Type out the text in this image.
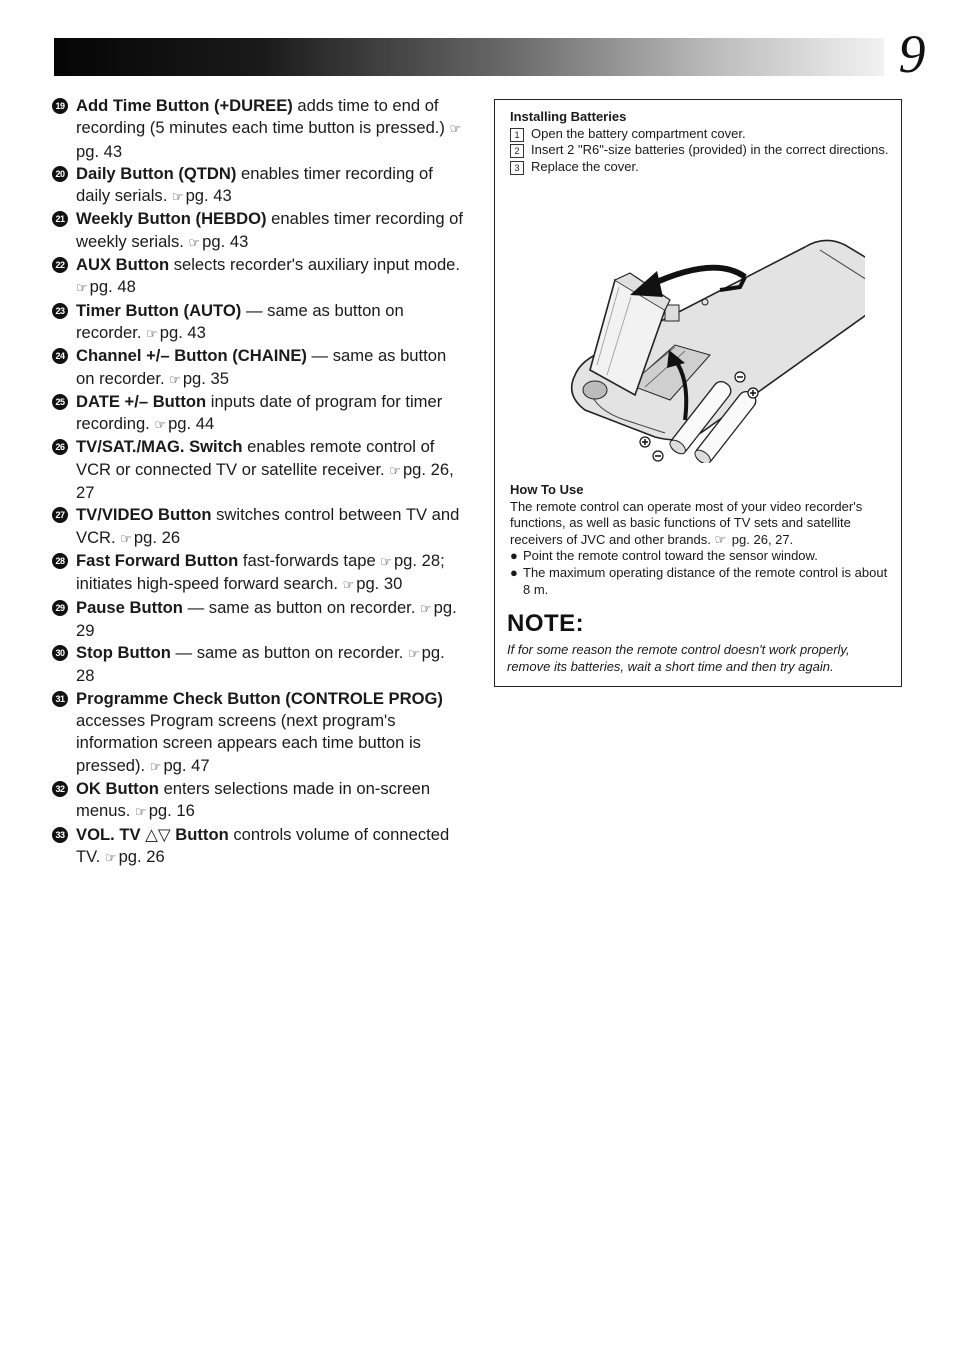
9
19 Add Time Button (+DUREE) adds time to end of recording (5 minutes each time button is pressed.) ☞pg. 43
20 Daily Button (QTDN) enables timer recording of daily serials. ☞ pg. 43
21 Weekly Button (HEBDO) enables timer recording of weekly serials. ☞ pg. 43
22 AUX Button selects recorder's auxiliary input mode. ☞ pg. 48
23 Timer Button (AUTO) — same as button on recorder. ☞ pg. 43
24 Channel +/– Button (CHAINE) — same as button on recorder. ☞ pg. 35
25 DATE +/– Button inputs date of program for timer recording. ☞ pg. 44
26 TV/SAT./MAG. Switch enables remote control of VCR or connected TV or satellite receiver. ☞ pg. 26, 27
27 TV/VIDEO Button switches control between TV and VCR. ☞ pg. 26
28 Fast Forward Button fast-forwards tape ☞ pg. 28; initiates high-speed forward search. ☞ pg. 30
29 Pause Button — same as button on recorder. ☞ pg. 29
30 Stop Button — same as button on recorder. ☞ pg. 28
31 Programme Check Button (CONTROLE PROG) accesses Program screens (next program's information screen appears each time button is pressed). ☞ pg. 47
32 OK Button enters selections made in on-screen menus. ☞ pg. 16
33 VOL. TV △▽ Button controls volume of connected TV. ☞ pg. 26
Installing Batteries
1 Open the battery compartment cover.
2 Insert 2 "R6"-size batteries (provided) in the correct directions.
3 Replace the cover.
How To Use
The remote control can operate most of your video recorder's functions, as well as basic functions of TV sets and satellite receivers of JVC and other brands. ☞ pg. 26, 27.
● Point the remote control toward the sensor window.
● The maximum operating distance of the remote control is about 8 m.
NOTE:
If for some reason the remote control doesn't work properly, remove its batteries, wait a short time and then try again.
